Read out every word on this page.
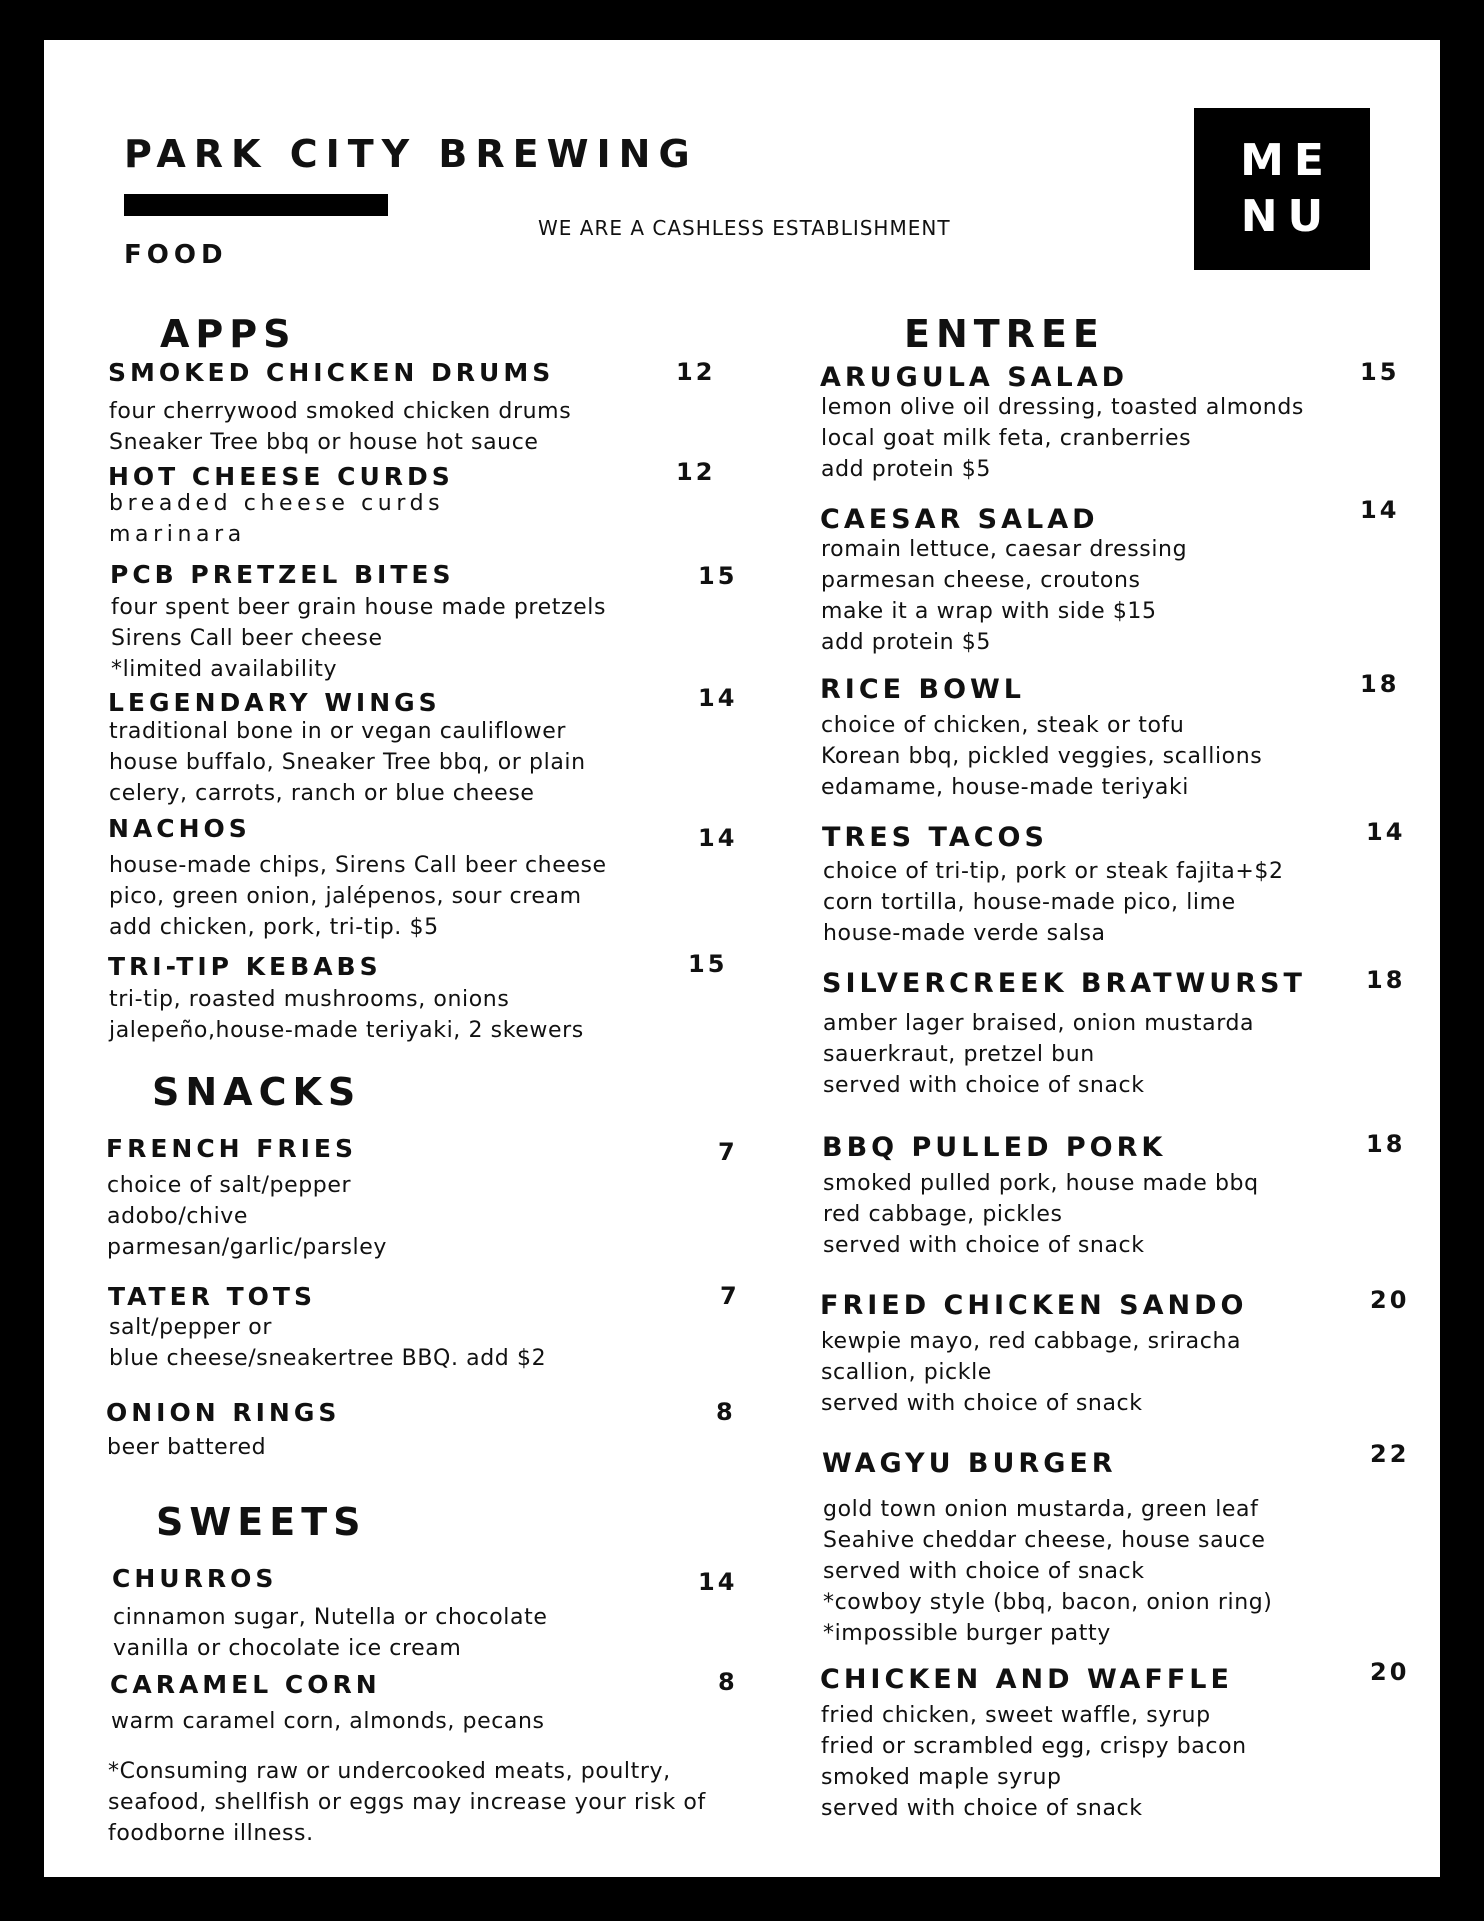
PARK CITY BREWING
FOOD
WE ARE A CASHLESS ESTABLISHMENT
ME
NU
APPS
SMOKED CHICKEN DRUMS	12
four cherrywood smoked chicken drums
Sneaker Tree bbq or house hot sauce
HOT CHEESE CURDS	12
breaded cheese curds
marinara
PCB PRETZEL BITES	15
four spent beer grain house made pretzels
Sirens Call beer cheese
*limited availability
LEGENDARY WINGS	14
traditional bone in or vegan cauliflower
house buffalo, Sneaker Tree bbq, or plain
celery, carrots, ranch or blue cheese
NACHOS	14
house-made chips, Sirens Call beer cheese
pico, green onion, jalépenos, sour cream
add chicken, pork, tri-tip. $5
TRI-TIP KEBABS	15
tri-tip, roasted mushrooms, onions
jalepeño,house-made teriyaki, 2 skewers
SNACKS
FRENCH FRIES	7
choice of salt/pepper
adobo/chive
parmesan/garlic/parsley
TATER TOTS	7
salt/pepper or
blue cheese/sneakertree BBQ. add $2
ONION RINGS	8
beer battered
SWEETS
CHURROS	14
cinnamon sugar, Nutella or chocolate
vanilla or chocolate ice cream
CARAMEL CORN	8
warm caramel corn, almonds, pecans
*Consuming raw or undercooked meats, poultry,
seafood, shellfish or eggs may increase your risk of
foodborne illness.
ENTREE
ARUGULA SALAD	15
lemon olive oil dressing, toasted almonds
local goat milk feta, cranberries
add protein $5
CAESAR SALAD	14
romain lettuce, caesar dressing
parmesan cheese, croutons
make it a wrap with side $15
add protein $5
RICE BOWL	18
choice of chicken, steak or tofu
Korean bbq, pickled veggies, scallions
edamame, house-made teriyaki
TRES TACOS	14
choice of tri-tip, pork or steak fajita+$2
corn tortilla, house-made pico, lime
house-made verde salsa
SILVERCREEK BRATWURST	18
amber lager braised, onion mustarda
sauerkraut, pretzel bun
served with choice of snack
BBQ PULLED PORK	18
smoked pulled pork, house made bbq
red cabbage, pickles
served with choice of snack
FRIED CHICKEN SANDO	20
kewpie mayo, red cabbage, sriracha
scallion, pickle
served with choice of snack
WAGYU BURGER	22
gold town onion mustarda, green leaf
Seahive cheddar cheese, house sauce
served with choice of snack
*cowboy style (bbq, bacon, onion ring)
*impossible burger patty
CHICKEN AND WAFFLE	20
fried chicken, sweet waffle, syrup
fried or scrambled egg, crispy bacon
smoked maple syrup
served with choice of snack
